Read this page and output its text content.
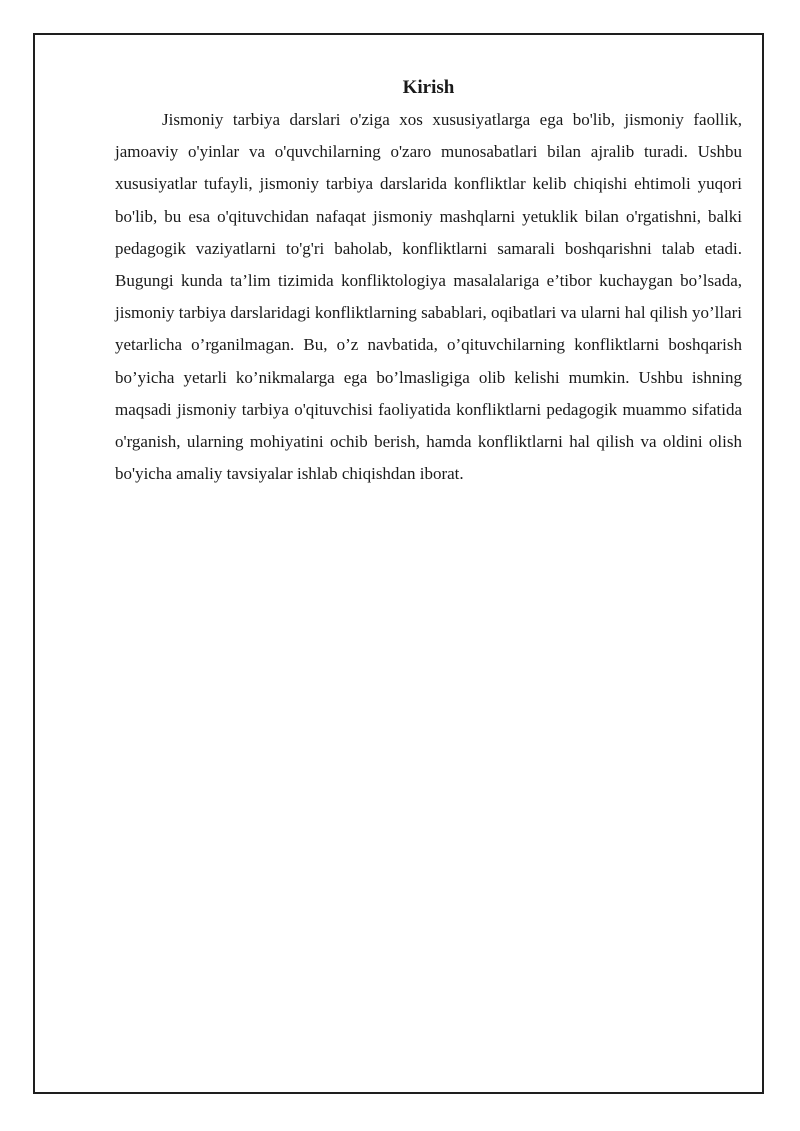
Kirish

Jismoniy tarbiya darslari o'ziga xos xususiyatlarga ega bo'lib, jismoniy faollik, jamoaviy o'yinlar va o'quvchilarning o'zaro munosabatlari bilan ajralib turadi. Ushbu xususiyatlar tufayli, jismoniy tarbiya darslarida konfliktlar kelib chiqishi ehtimoli yuqori bo'lib, bu esa o'qituvchidan nafaqat jismoniy mashqlarni yetuklik bilan o'rgatishni, balki pedagogik vaziyatlarni to'g'ri baholab, konfliktlarni samarali boshqarishni talab etadi. Bugungi kunda ta’lim tizimida konfliktologiya masalalariga e’tibor kuchaygan bo’lsada, jismoniy tarbiya darslaridagi konfliktlarning sabablari, oqibatlari va ularni hal qilish yo’llari yetarlicha o’rganilmagan. Bu, o’z navbatida, o’qituvchilarning konfliktlarni boshqarish bo’yicha yetarli ko’nikmalarga ega bo’lmasligiga olib kelishi mumkin. Ushbu ishning maqsadi jismoniy tarbiya o'qituvchisi faoliyatida konfliktlarni pedagogik muammo sifatida o'rganish, ularning mohiyatini ochib berish, hamda konfliktlarni hal qilish va oldini olish bo'yicha amaliy tavsiyalar ishlab chiqishdan iborat.
